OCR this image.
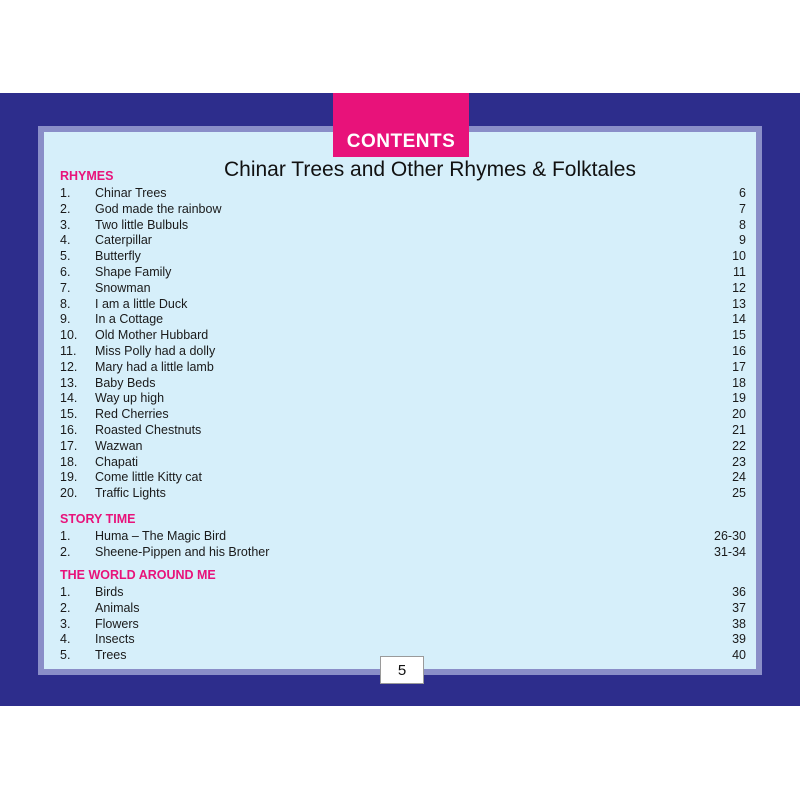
CONTENTS
Chinar Trees and Other Rhymes & Folktales
RHYMES
1. Chinar Trees	6
2. God made the rainbow	7
3. Two little Bulbuls	8
4. Caterpillar	9
5. Butterfly	10
6. Shape Family	11
7. Snowman	12
8. I am a little Duck	13
9. In a Cottage	14
10. Old Mother Hubbard	15
11. Miss Polly had a dolly	16
12. Mary had a little lamb	17
13. Baby Beds	18
14. Way up high	19
15. Red Cherries	20
16. Roasted Chestnuts	21
17. Wazwan	22
18. Chapati	23
19. Come little Kitty cat	24
20. Traffic Lights	25
STORY TIME
1. Huma – The Magic Bird	26-30
2. Sheene-Pippen and his Brother	31-34
THE WORLD AROUND ME
1. Birds	36
2. Animals	37
3. Flowers	38
4. Insects	39
5. Trees	40
5
